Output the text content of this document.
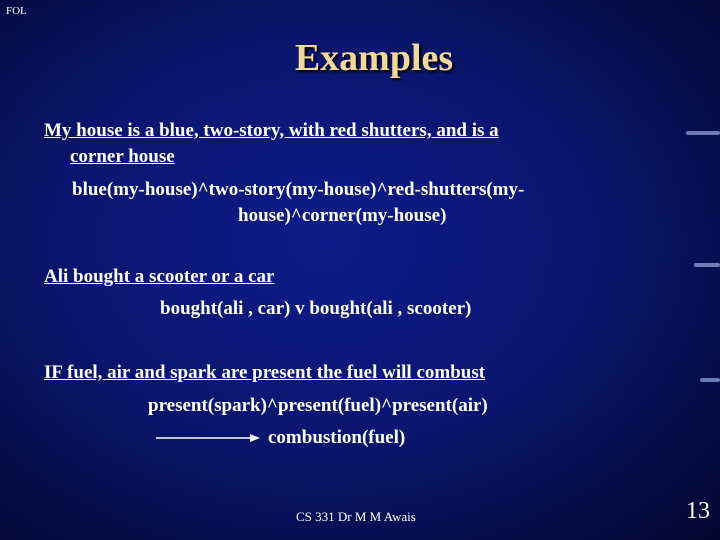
FOL
Examples
My house is a blue, two-story, with red shutters, and is a
corner house
blue(my-house)^two-story(my-house)^red-shutters(my-
house)^corner(my-house)
Ali bought a scooter or a car
bought(ali , car) v bought(ali , scooter)
IF fuel, air and spark are present the fuel will combust
present(spark)^present(fuel)^present(air)
combustion(fuel)
CS 331 Dr M M Awais	13
